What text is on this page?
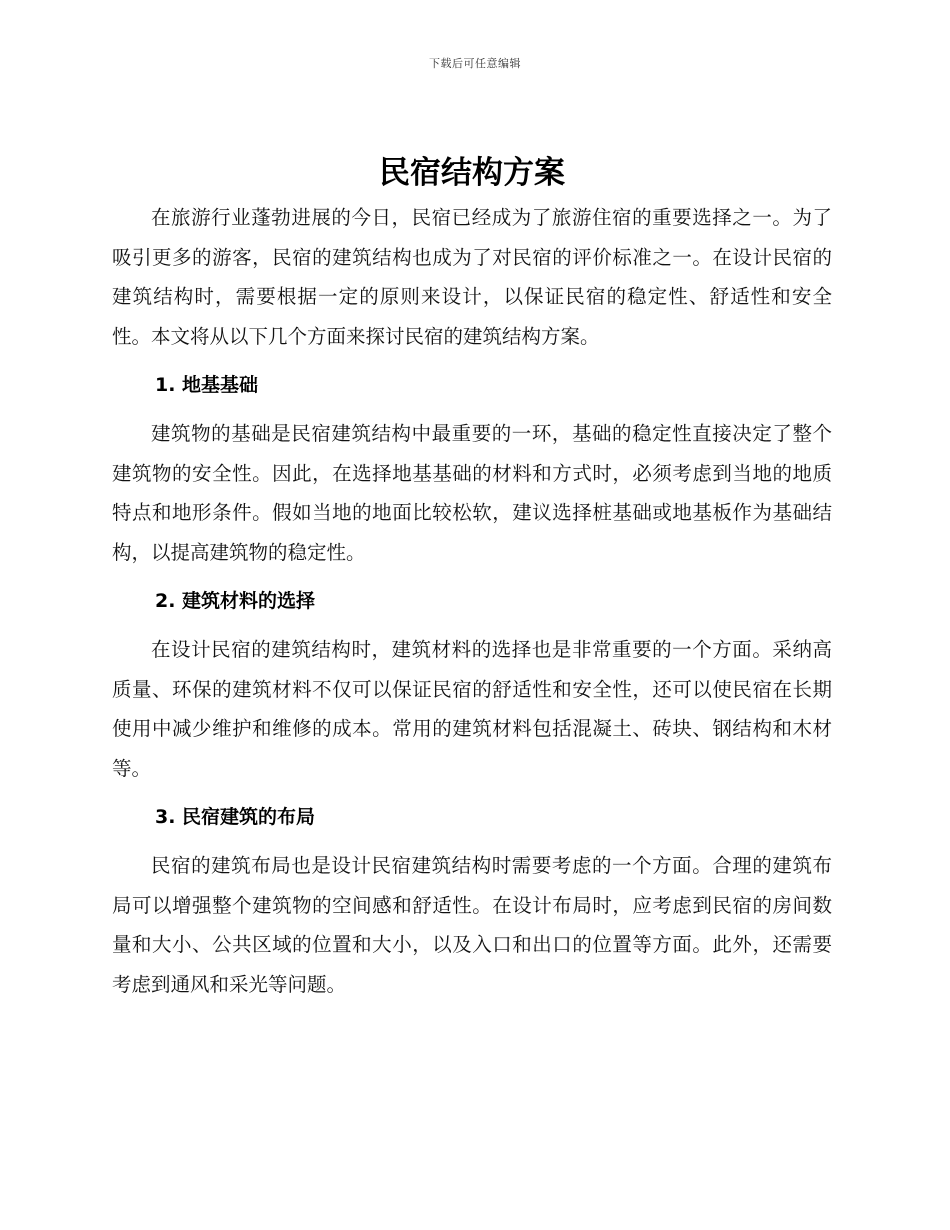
下载后可任意编辑
民宿结构方案

在旅游行业蓬勃进展的今日，民宿已经成为了旅游住宿的重要选择之一。为了吸引更多的游客，民宿的建筑结构也成为了对民宿的评价标准之一。在设计民宿的建筑结构时，需要根据一定的原则来设计，以保证民宿的稳定性、舒适性和安全性。本文将从以下几个方面来探讨民宿的建筑结构方案。

1. 地基基础

建筑物的基础是民宿建筑结构中最重要的一环，基础的稳定性直接决定了整个建筑物的安全性。因此，在选择地基基础的材料和方式时，必须考虑到当地的地质特点和地形条件。假如当地的地面比较松软，建议选择桩基础或地基板作为基础结构，以提高建筑物的稳定性。

2. 建筑材料的选择

在设计民宿的建筑结构时，建筑材料的选择也是非常重要的一个方面。采纳高质量、环保的建筑材料不仅可以保证民宿的舒适性和安全性，还可以使民宿在长期使用中减少维护和维修的成本。常用的建筑材料包括混凝土、砖块、钢结构和木材等。

3. 民宿建筑的布局

民宿的建筑布局也是设计民宿建筑结构时需要考虑的一个方面。合理的建筑布局可以增强整个建筑物的空间感和舒适性。在设计布局时，应考虑到民宿的房间数量和大小、公共区域的位置和大小，以及入口和出口的位置等方面。此外，还需要考虑到通风和采光等问题。
